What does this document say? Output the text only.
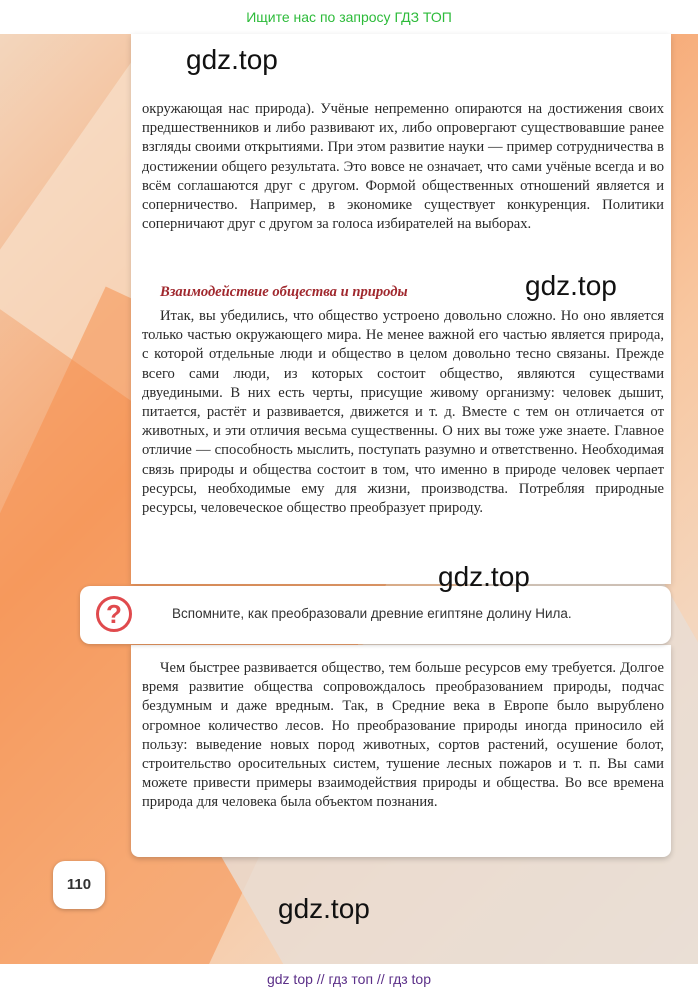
Ищите нас по запросу ГДЗ ТОП

окружающая нас природа). Учёные непременно опираются на достижения своих предшественников и либо развивают их, либо опровергают существовавшие ранее взгляды своими открытиями. При этом развитие науки — пример сотрудничества в достижении общего результата. Это вовсе не означает, что сами учёные всегда и во всём соглашаются друг с другом. Формой общественных отношений является и соперничество. Например, в экономике существует конкуренция. Политики соперничают друг с другом за голоса избирателей на выборах.

Взаимодействие общества и природы

Итак, вы убедились, что общество устроено довольно сложно. Но оно является только частью окружающего мира. Не менее важной его частью является природа, с которой отдельные люди и общество в целом довольно тесно связаны. Прежде всего сами люди, из которых состоит общество, являются существами двуедиными. В них есть черты, присущие живому организму: человек дышит, питается, растёт и развивается, движется и т. д. Вместе с тем он отличается от животных, и эти отличия весьма существенны. О них вы тоже уже знаете. Главное отличие — способность мыслить, поступать разумно и ответственно. Необходимая связь природы и общества состоит в том, что именно в природе человек черпает ресурсы, необходимые ему для жизни, производства. Потребляя природные ресурсы, человеческое общество преобразует природу.

?	Вспомните, как преобразовали древние египтяне долину Нила.

Чем быстрее развивается общество, тем больше ресурсов ему требуется. Долгое время развитие общества сопровождалось преобразованием природы, подчас бездумным и даже вредным. Так, в Средние века в Европе было вырублено огромное количество лесов. Но преобразование природы иногда приносило ей пользу: выведение новых пород животных, сортов растений, осушение болот, строительство оросительных систем, тушение лесных пожаров и т. п. Вы сами можете привести примеры взаимодействия природы и общества. Во все времена природа для человека была объектом познания.

110
gdz.top
gdz.top
gdz.top
gdz.top
gdz top // гдз топ // гдз top
